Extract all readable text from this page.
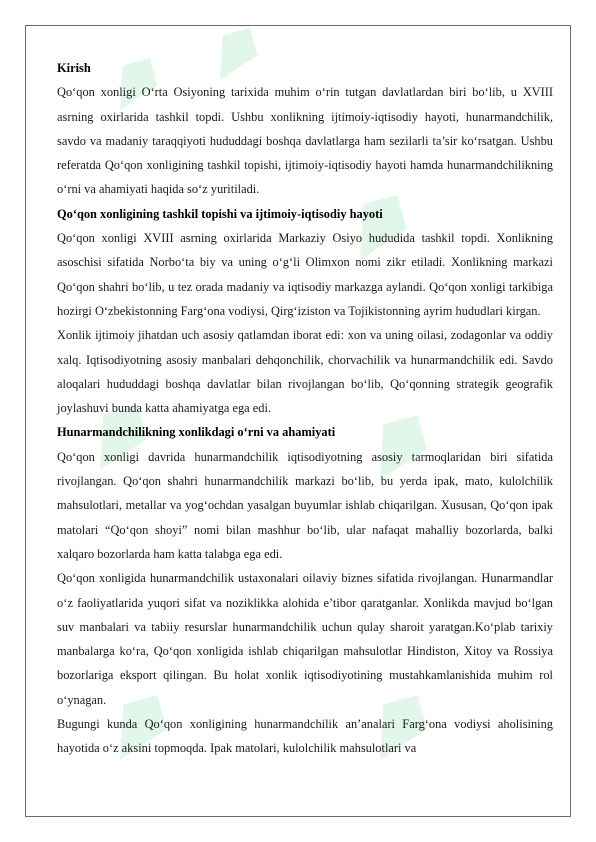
Kirish

Qo‘qon xonligi O‘rta Osiyoning tarixida muhim o‘rin tutgan davlatlardan biri bo‘lib, u XVIII asrning oxirlarida tashkil topdi. Ushbu xonlikning ijtimoiy-iqtisodiy hayoti, hunarmandchilik, savdo va madaniy taraqqiyoti hududdagi boshqa davlatlarga ham sezilarli ta’sir ko‘rsatgan. Ushbu referatda Qo‘qon xonligining tashkil topishi, ijtimoiy-iqtisodiy hayoti hamda hunarmandchilikning o‘rni va ahamiyati haqida so‘z yuritiladi.

Qo‘qon xonligining tashkil topishi va ijtimoiy-iqtisodiy hayoti

Qo‘qon xonligi XVIII asrning oxirlarida Markaziy Osiyo hududida tashkil topdi. Xonlikning asoschisi sifatida Norbo‘ta biy va uning o‘g‘li Olimxon nomi zikr etiladi. Xonlikning markazi Qo‘qon shahri bo‘lib, u tez orada madaniy va iqtisodiy markazga aylandi. Qo‘qon xonligi tarkibiga hozirgi O‘zbekistonning Farg‘ona vodiysi, Qirg‘iziston va Tojikistonning ayrim hududlari kirgan.

Xonlik ijtimoiy jihatdan uch asosiy qatlamdan iborat edi: xon va uning oilasi, zodagonlar va oddiy xalq. Iqtisodiyotning asosiy manbalari dehqonchilik, chorvachilik va hunarmandchilik edi. Savdo aloqalari hududdagi boshqa davlatlar bilan rivojlangan bo‘lib, Qo‘qonning strategik geografik joylashuvi bunda katta ahamiyatga ega edi.

Hunarmandchilikning xonlikdagi o‘rni va ahamiyati

Qo‘qon xonligi davrida hunarmandchilik iqtisodiyotning asosiy tarmoqlaridan biri sifatida rivojlangan. Qo‘qon shahri hunarmandchilik markazi bo‘lib, bu yerda ipak, mato, kulolchilik mahsulotlari, metallar va yog‘ochdan yasalgan buyumlar ishlab chiqarilgan. Xususan, Qo‘qon ipak matolari “Qo‘qon shoyi” nomi bilan mashhur bo‘lib, ular nafaqat mahalliy bozorlarda, balki xalqaro bozorlarda ham katta talabga ega edi.

Qo‘qon xonligida hunarmandchilik ustaxonalari oilaviy biznes sifatida rivojlangan. Hunarmandlar o‘z faoliyatlarida yuqori sifat va noziklikka alohida e’tibor qaratganlar. Xonlikda mavjud bo‘lgan suv manbalari va tabiiy resurslar hunarmandchilik uchun qulay sharoit yaratgan.Ko‘plab tarixiy manbalarga ko‘ra, Qo‘qon xonligida ishlab chiqarilgan mahsulotlar Hindiston, Xitoy va Rossiya bozorlariga eksport qilingan. Bu holat xonlik iqtisodiyotining mustahkamlanishida muhim rol o‘ynagan.

Bugungi kunda Qo‘qon xonligining hunarmandchilik an’analari Farg‘ona vodiysi aholisining hayotida o‘z aksini topmoqda. Ipak matolari, kulolchilik mahsulotlari va
